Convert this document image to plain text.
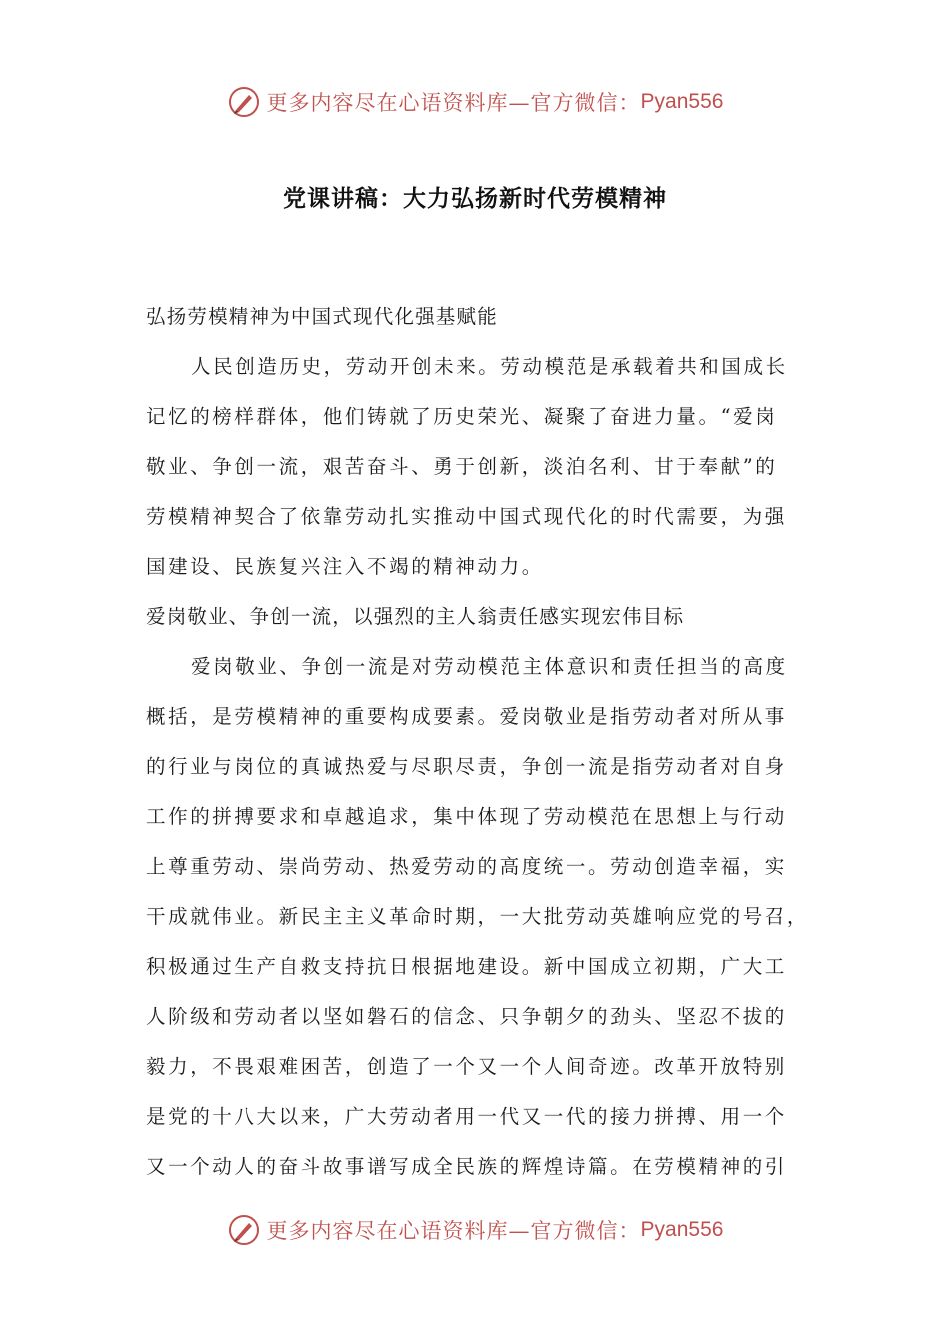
更多内容尽在心语资料库—官方微信： Pyan556
党课讲稿：大力弘扬新时代劳模精神
弘扬劳模精神为中国式现代化强基赋能
人民创造历史，劳动开创未来。劳动模范是承载着共和国成长
记忆的榜样群体，他们铸就了历史荣光、凝聚了奋进力量。“爱岗
敬业、争创一流，艰苦奋斗、勇于创新，淡泊名利、甘于奉献”的
劳模精神契合了依靠劳动扎实推动中国式现代化的时代需要，为强
国建设、民族复兴注入不竭的精神动力。
爱岗敬业、争创一流，以强烈的主人翁责任感实现宏伟目标
爱岗敬业、争创一流是对劳动模范主体意识和责任担当的高度
概括，是劳模精神的重要构成要素。爱岗敬业是指劳动者对所从事
的行业与岗位的真诚热爱与尽职尽责，争创一流是指劳动者对自身
工作的拼搏要求和卓越追求，集中体现了劳动模范在思想上与行动
上尊重劳动、崇尚劳动、热爱劳动的高度统一。劳动创造幸福，实
干成就伟业。新民主主义革命时期，一大批劳动英雄响应党的号召，
积极通过生产自救支持抗日根据地建设。新中国成立初期，广大工
人阶级和劳动者以坚如磐石的信念、只争朝夕的劲头、坚忍不拔的
毅力，不畏艰难困苦，创造了一个又一个人间奇迹。改革开放特别
是党的十八大以来，广大劳动者用一代又一代的接力拼搏、用一个
又一个动人的奋斗故事谱写成全民族的辉煌诗篇。在劳模精神的引
更多内容尽在心语资料库—官方微信： Pyan556
